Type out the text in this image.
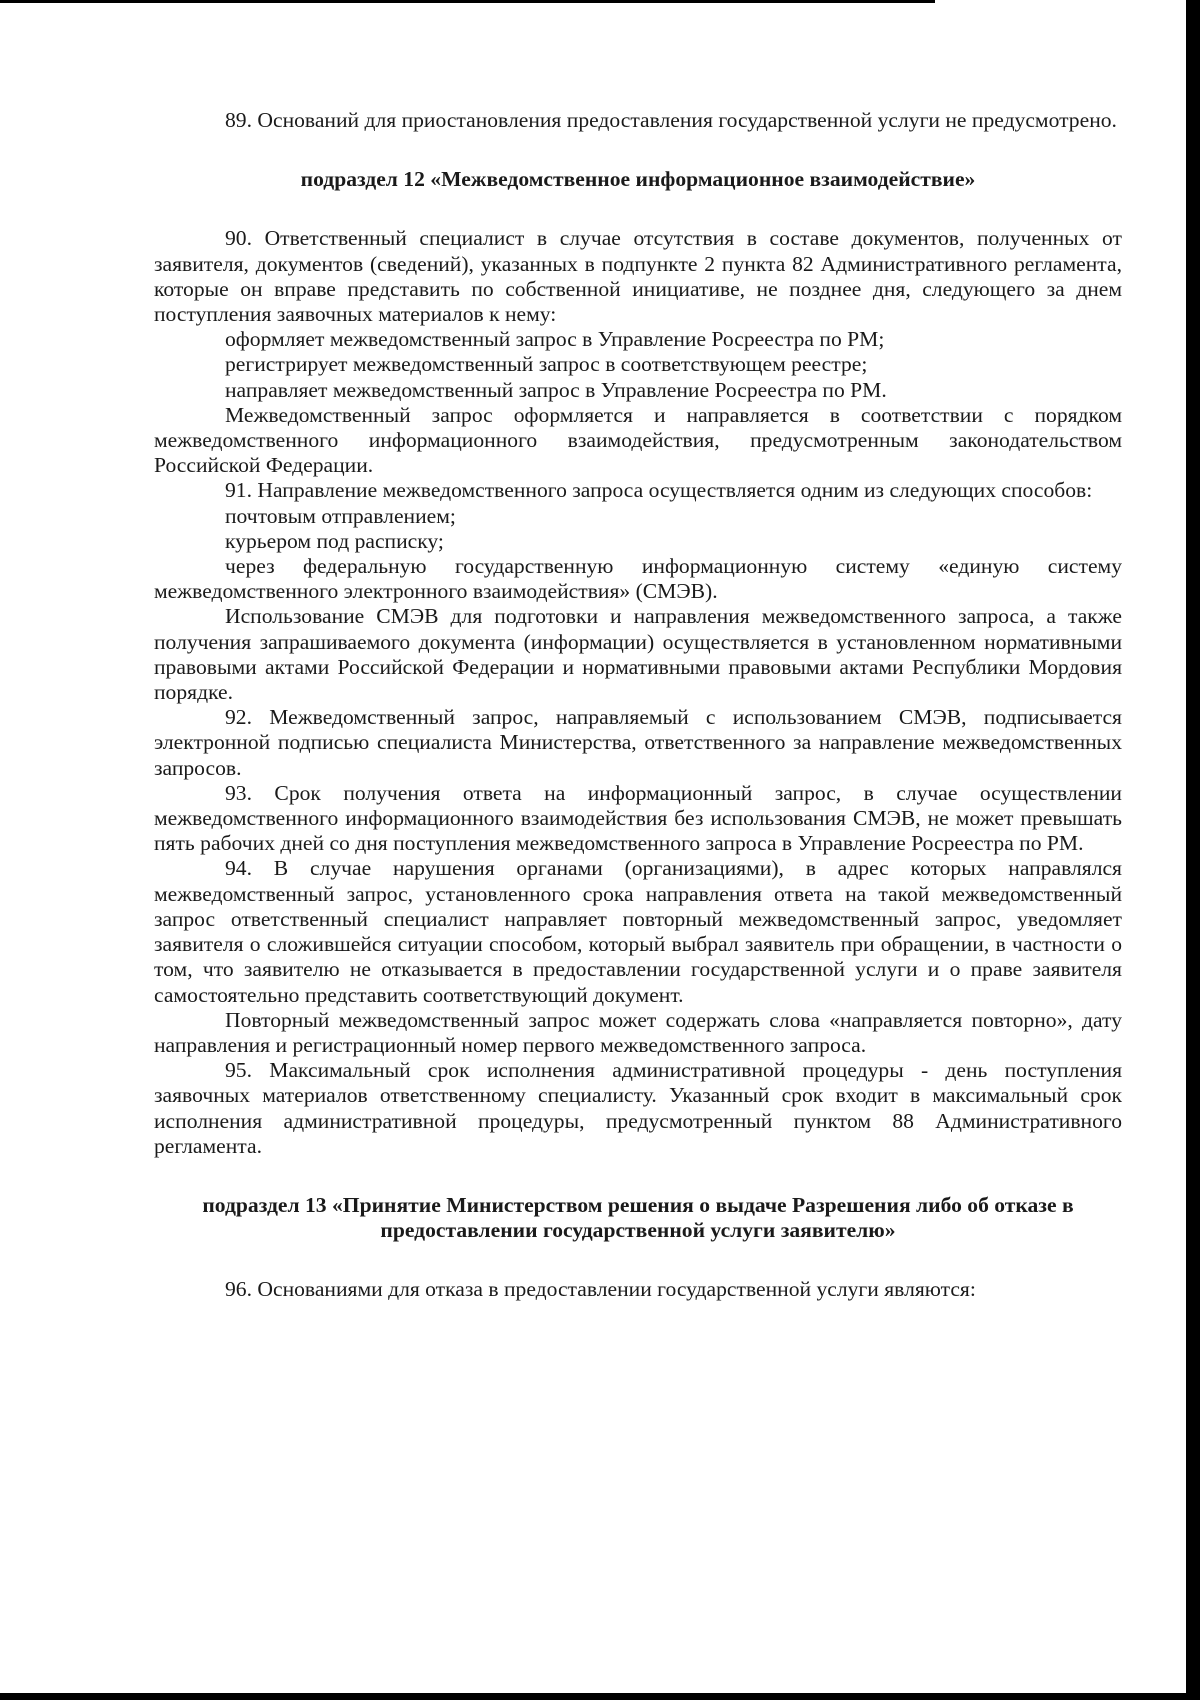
89. Оснований для приостановления предоставления государственной услуги не предусмотрено.

подраздел 12 «Межведомственное информационное взаимодействие»

90. Ответственный специалист в случае отсутствия в составе документов, полученных от заявителя, документов (сведений), указанных в подпункте 2 пункта 82 Административного регламента, которые он вправе представить по собственной инициативе, не позднее дня, следующего за днем поступления заявочных материалов к нему:

оформляет межведомственный запрос в Управление Росреестра по РМ;

регистрирует межведомственный запрос в соответствующем реестре;

направляет межведомственный запрос в Управление Росреестра по РМ.

Межведомственный запрос оформляется и направляется в соответствии с порядком межведомственного информационного взаимодействия, предусмотренным законодательством Российской Федерации.

91. Направление межведомственного запроса осуществляется одним из следующих способов:

почтовым отправлением;

курьером под расписку;

через федеральную государственную информационную систему «единую систему межведомственного электронного взаимодействия» (СМЭВ).

Использование СМЭВ для подготовки и направления межведомственного запроса, а также получения запрашиваемого документа (информации) осуществляется в установленном нормативными правовыми актами Российской Федерации и нормативными правовыми актами Республики Мордовия порядке.

92. Межведомственный запрос, направляемый с использованием СМЭВ, подписывается электронной подписью специалиста Министерства, ответственного за направление межведомственных запросов.

93. Срок получения ответа на информационный запрос, в случае осуществлении межведомственного информационного взаимодействия без использования СМЭВ, не может превышать пять рабочих дней со дня поступления межведомственного запроса в Управление Росреестра по РМ.

94. В случае нарушения органами (организациями), в адрес которых направлялся межведомственный запрос, установленного срока направления ответа на такой межведомственный запрос ответственный специалист направляет повторный межведомственный запрос, уведомляет заявителя о сложившейся ситуации способом, который выбрал заявитель при обращении, в частности о том, что заявителю не отказывается в предоставлении государственной услуги и о праве заявителя самостоятельно представить соответствующий документ.

Повторный межведомственный запрос может содержать слова «направляется повторно», дату направления и регистрационный номер первого межведомственного запроса.

95. Максимальный срок исполнения административной процедуры - день поступления заявочных материалов ответственному специалисту. Указанный срок входит в максимальный срок исполнения административной процедуры, предусмотренный пунктом 88 Административного регламента.

подраздел 13 «Принятие Министерством решения о выдаче Разрешения либо об отказе в предоставлении государственной услуги заявителю»

96. Основаниями для отказа в предоставлении государственной услуги являются:
